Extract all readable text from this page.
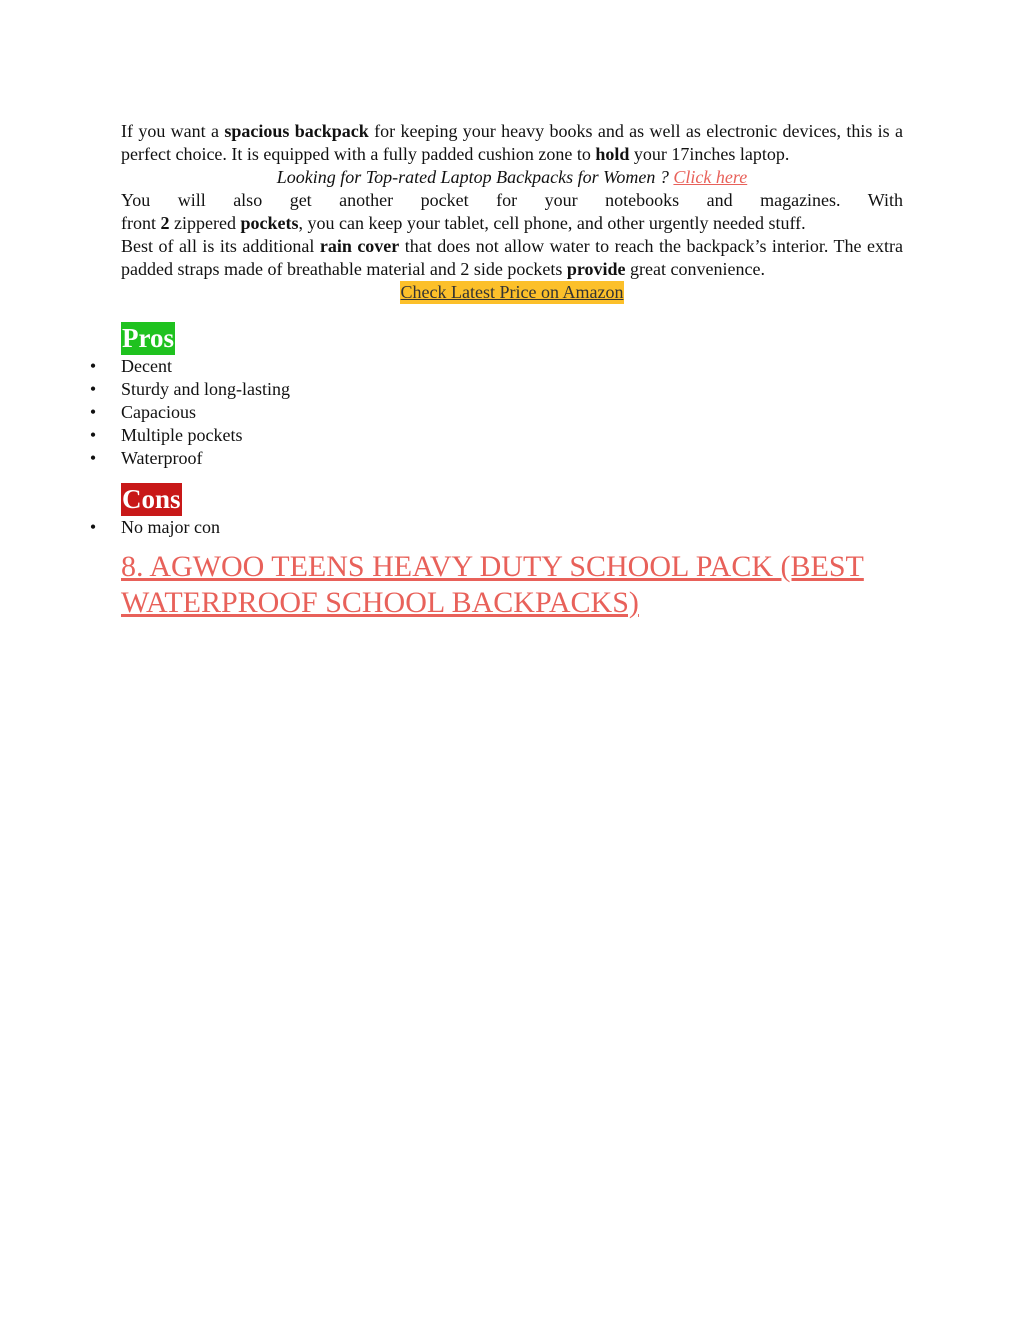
If you want a spacious backpack for keeping your heavy books and as well as electronic devices, this is a perfect choice. It is equipped with a fully padded cushion zone to hold your 17inches laptop.

Looking for Top-rated Laptop Backpacks for Women ? Click here

You will also get another pocket for your notebooks and magazines. With

front 2 zippered pockets, you can keep your tablet, cell phone, and other urgently needed stuff.

Best of all is its additional rain cover that does not allow water to reach the backpack’s interior. The extra padded straps made of breathable material and 2 side pockets provide great convenience.

Check Latest Price on Amazon

Pros
• Decent
• Sturdy and long-lasting
• Capacious
• Multiple pockets
• Waterproof
Cons
• No major con
8. AGWOO TEENS HEAVY DUTY SCHOOL PACK (BEST WATERPROOF SCHOOL BACKPACKS)
